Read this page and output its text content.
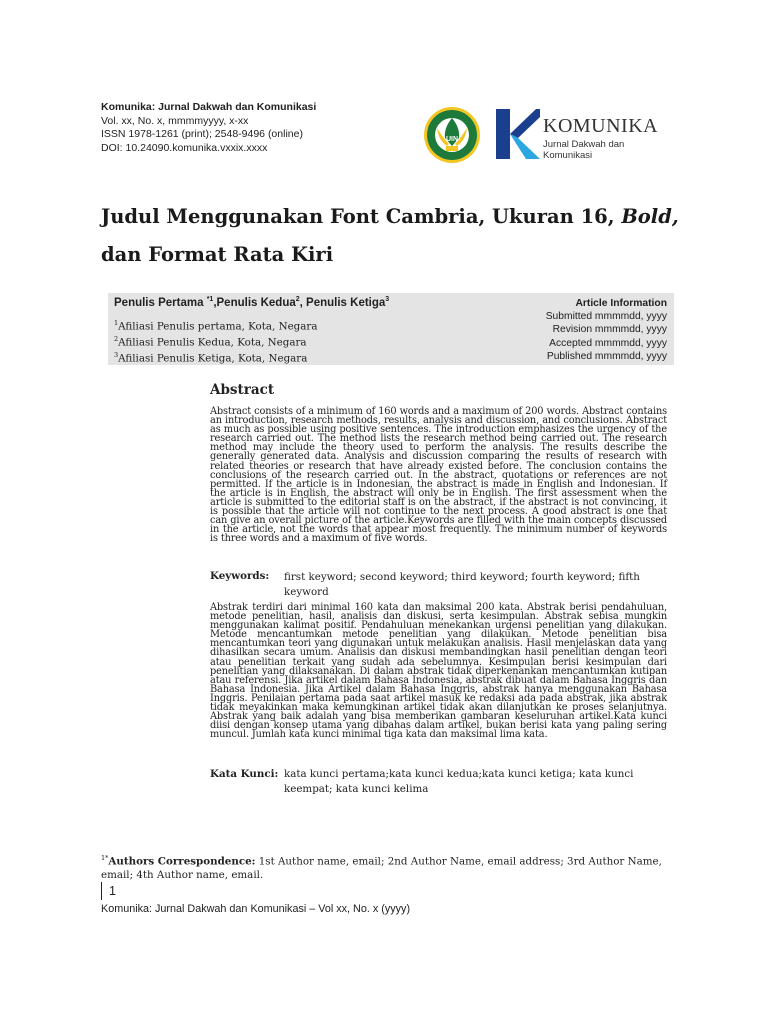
Komunika: Jurnal Dakwah dan Komunikasi
Vol. xx, No. x, mmmmyyyy, x-xx
ISSN 1978-1261 (print); 2548-9496 (online)
DOI: 10.24090.komunika.vxxix.xxxx
UIN
KOMUNIKA
Jurnal Dakwah dan Komunikasi
Judul Menggunakan Font Cambria, Ukuran 16, Bold, dan Format Rata Kiri
Penulis Pertama $^{*1}$,Penulis Kedua$^2$, Penulis Ketiga$^3$
$^1$Afiliasi Penulis pertama, Kota, Negara
$^2$Afiliasi Penulis Kedua, Kota, Negara
$^3$Afiliasi Penulis Ketiga, Kota, Negara
Article Information
Submitted mmmmdd, yyyy
Revision mmmmdd, yyyy
Accepted mmmmdd, yyyy
Published mmmmdd, yyyy
Abstract
Abstract consists of a minimum of 160 words and a maximum of 200 words. Abstract contains an introduction, research methods, results, analysis and discussion, and conclusions. Abstract as much as possible using positive sentences. The introduction emphasizes the urgency of the research carried out. The method lists the research method being carried out. The research method may include the theory used to perform the analysis. The results describe the generally generated data. Analysis and discussion comparing the results of research with related theories or research that have already existed before. The conclusion contains the conclusions of the research carried out. In the abstract, quotations or references are not permitted. If the article is in Indonesian, the abstract is made in English and Indonesian. If the article is in English, the abstract will only be in English. The first assessment when the article is submitted to the editorial staff is on the abstract, if the abstract is not convincing, it is possible that the article will not continue to the next process. A good abstract is one that can give an overall picture of the article.Keywords are filled with the main concepts discussed in the article, not the words that appear most frequently. The minimum number of keywords is three words and a maximum of five words.
Keywords: first keyword; second keyword; third keyword; fourth keyword; fifth keyword
Abstrak terdiri dari minimal 160 kata dan maksimal 200 kata. Abstrak berisi pendahuluan, metode penelitian, hasil, analisis dan diskusi, serta kesimpulan. Abstrak sebisa mungkin menggunakan kalimat positif. Pendahuluan menekankan urgensi penelitian yang dilakukan. Metode mencantumkan metode penelitian yang dilakukan. Metode penelitian bisa mencantumkan teori yang digunakan untuk melakukan analisis. Hasil menjelaskan data yang dihasilkan secara umum. Analisis dan diskusi membandingkan hasil penelitian dengan teori atau penelitian terkait yang sudah ada sebelumnya. Kesimpulan berisi kesimpulan dari penelitian yang dilaksanakan. Di dalam abstrak tidak diperkenankan mencantumkan kutipan atau referensi. Jika artikel dalam Bahasa Indonesia, abstrak dibuat dalam Bahasa Inggris dan Bahasa Indonesia. Jika Artikel dalam Bahasa Inggris, abstrak hanya menggunakan Bahasa Inggris. Penilaian pertama pada saat artikel masuk ke redaksi ada pada abstrak, jika abstrak tidak meyakinkan maka kemungkinan artikel tidak akan dilanjutkan ke proses selanjutnya. Abstrak yang baik adalah yang bisa memberikan gambaran keseluruhan artikel.Kata kunci diisi dengan konsep utama yang dibahas dalam artikel, bukan berisi kata yang paling sering muncul. Jumlah kata kunci minimal tiga kata dan maksimal lima kata.
Kata Kunci: kata kunci pertama;kata kunci kedua;kata kunci ketiga; kata kunci keempat; kata kunci kelima
$^{1*}$Authors Correspondence: 1st Author name, email; 2nd Author Name, email address; 3rd Author Name, email; 4th Author name, email.
1
Komunika: Jurnal Dakwah dan Komunikasi – Vol xx, No. x (yyyy)
